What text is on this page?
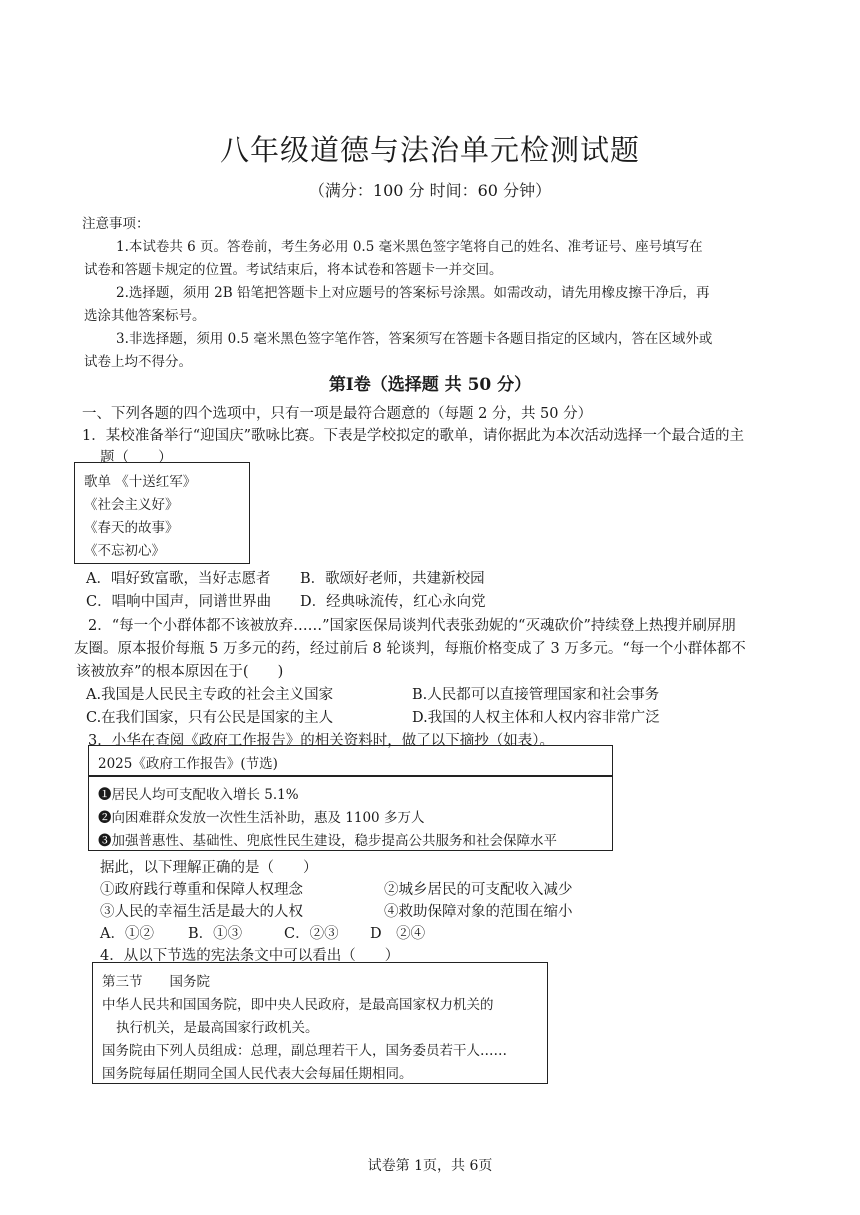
八年级道德与法治单元检测试题
（满分：100 分 时间：60 分钟）
注意事项：
1.本试卷共 6 页。答卷前，考生务必用 0.5 毫米黑色签字笔将自己的姓名、准考证号、座号填写在
试卷和答题卡规定的位置。考试结束后，将本试卷和答题卡一并交回。
2.选择题，须用 2B 铅笔把答题卡上对应题号的答案标号涂黑。如需改动，请先用橡皮擦干净后，再
选涂其他答案标号。
3.非选择题，须用 0.5 毫米黑色签字笔作答，答案须写在答题卡各题目指定的区域内，答在区域外或
试卷上均不得分。
第Ⅰ卷（选择题 共 50 分）
一、下列各题的四个选项中，只有一项是最符合题意的（每题 2 分，共 50 分）
1．某校准备举行“迎国庆”歌咏比赛。下表是学校拟定的歌单，请你据此为本次活动选择一个最合适的主
题（　　）
歌单 《十送红军》
《社会主义好》
《春天的故事》
《不忘初心》
A．唱好致富歌，当好志愿者 B．歌颂好老师，共建新校园
C．唱响中国声，同谱世界曲 D．经典咏流传，红心永向党
2．“每一个小群体都不该被放弃……”国家医保局谈判代表张劲妮的“灭魂砍价”持续登上热搜并刷屏朋
友圈。原本报价每瓶 5 万多元的药，经过前后 8 轮谈判，每瓶价格变成了 3 万多元。“每一个小群体都不
该被放弃”的根本原因在于(　　)
A.我国是人民民主专政的社会主义国家	B.人民都可以直接管理国家和社会事务
C.在我们国家，只有公民是国家的主人	D.我国的人权主体和人权内容非常广泛
3．小华在查阅《政府工作报告》的相关资料时，做了以下摘抄（如表）。
2025《政府工作报告》(节选)
❶居民人均可支配收入增长 5.1%
❷向困难群众发放一次性生活补助，惠及 1100 多万人
❸加强普惠性、基础性、兜底性民生建设，稳步提高公共服务和社会保障水平
据此，以下理解正确的是（　　）
①政府践行尊重和保障人权理念	②城乡居民的可支配收入减少
③人民的幸福生活是最大的人权	④救助保障对象的范围在缩小
A．①② B．①③	C．②③ D　②④
4．从以下节选的宪法条文中可以看出（　　）
第三节　　国务院
中华人民共和国国务院，即中央人民政府，是最高国家权力机关的
执行机关，是最高国家行政机关。
国务院由下列人员组成：总理，副总理若干人，国务委员若干人……
国务院每届任期同全国人民代表大会每届任期相同。
试卷第 1页，共 6页
